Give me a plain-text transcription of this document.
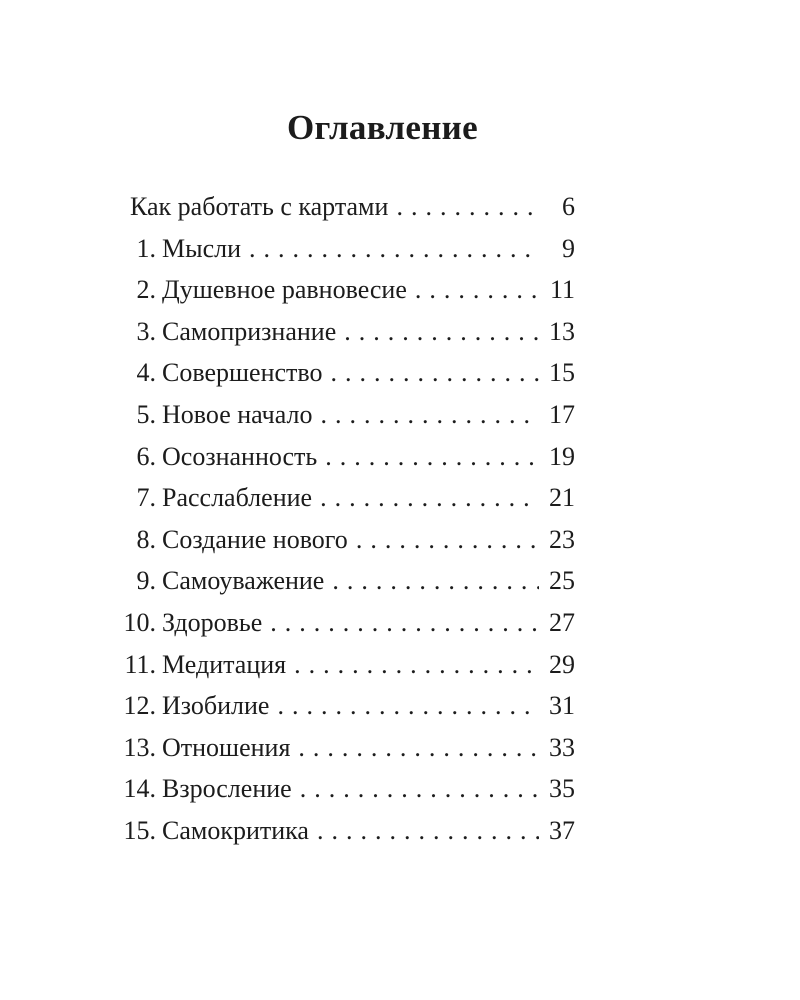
Оглавление
Как работать с картами . . .	6
1. Мысли . . .	9
2. Душевное равновесие . . .	11
3. Самопризнание . . .	13
4. Совершенство . . .	15
5. Новое начало . . .	17
6. Осознанность . . .	19
7. Расслабление . . .	21
8. Создание нового . . .	23
9. Самоуважение . . .	25
10. Здоровье . . .	27
11. Медитация . . .	29
12. Изобилие . . .	31
13. Отношения . . .	33
14. Взросление . . .	35
15. Самокритика . . .	37
